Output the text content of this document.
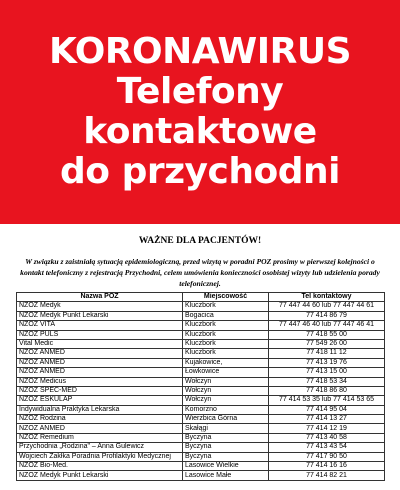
KORONAWIRUS
Telefony
kontaktowe
do przychodni
WAŻNE DLA PACJENTÓW!
W związku z zaistniałą sytuacją epidemiologiczną, przed wizytą w poradni POZ prosimy w pierwszej kolejności o kontakt telefoniczny z rejestracją Przychodni, celem umówienia konieczności osobistej wizyty lub udzielenia porady telefonicznej.
Nazwa POZ	Miejscowość	Tel kontaktowy
NZOZ Medyk	Kluczbork	77 447 44 60 lub 77 447 44 61
NZOZ Medyk Punkt Lekarski	Bogacica	77 414 86 79
NZOZ VITA	Kluczbork	77 447 46 40 lub 77 447 46 41
NZOZ PULS	Kluczbork	77 418 55 00
Vital Medic	Kluczbork	77 549 26 00
NZOZ ANMED	Kluczbork	77 418 11 12
NZOZ ANMED	Kujakowice,	77 413 19 76
NZOZ ANMED	Łowkowice	77 413 15 00
NZOZ Medicus	Wołczyn	77 418 53 34
NZOZ SPEC-MED	Wołczyn	77 418 86 80
NZOZ ESKULAP	Wołczyn	77 414 53 35 lub 77 414 53 65
Indywidualna Praktyka Lekarska	Komorzno	77 414 95 04
NZOZ Rodzina	Wierzbica Górna	77 414 13 27
NZOZ ANMED	Skałągi	77 414 12 19
NZOZ Remedium	Byczyna	77 413 40 58
Przychodnia „Rodzina" – Anna Gulewicz	Byczyna	77 413 43 54
Wojciech Zakłka Poradnia Profilaktyki Medycznej	Byczyna	77 417 90 50
NZOZ Bio-Med.	Lasowice Wielkie	77 414 16 16
NZOZ Medyk Punkt Lekarski	Lasowice Małe	77 414 82 21
